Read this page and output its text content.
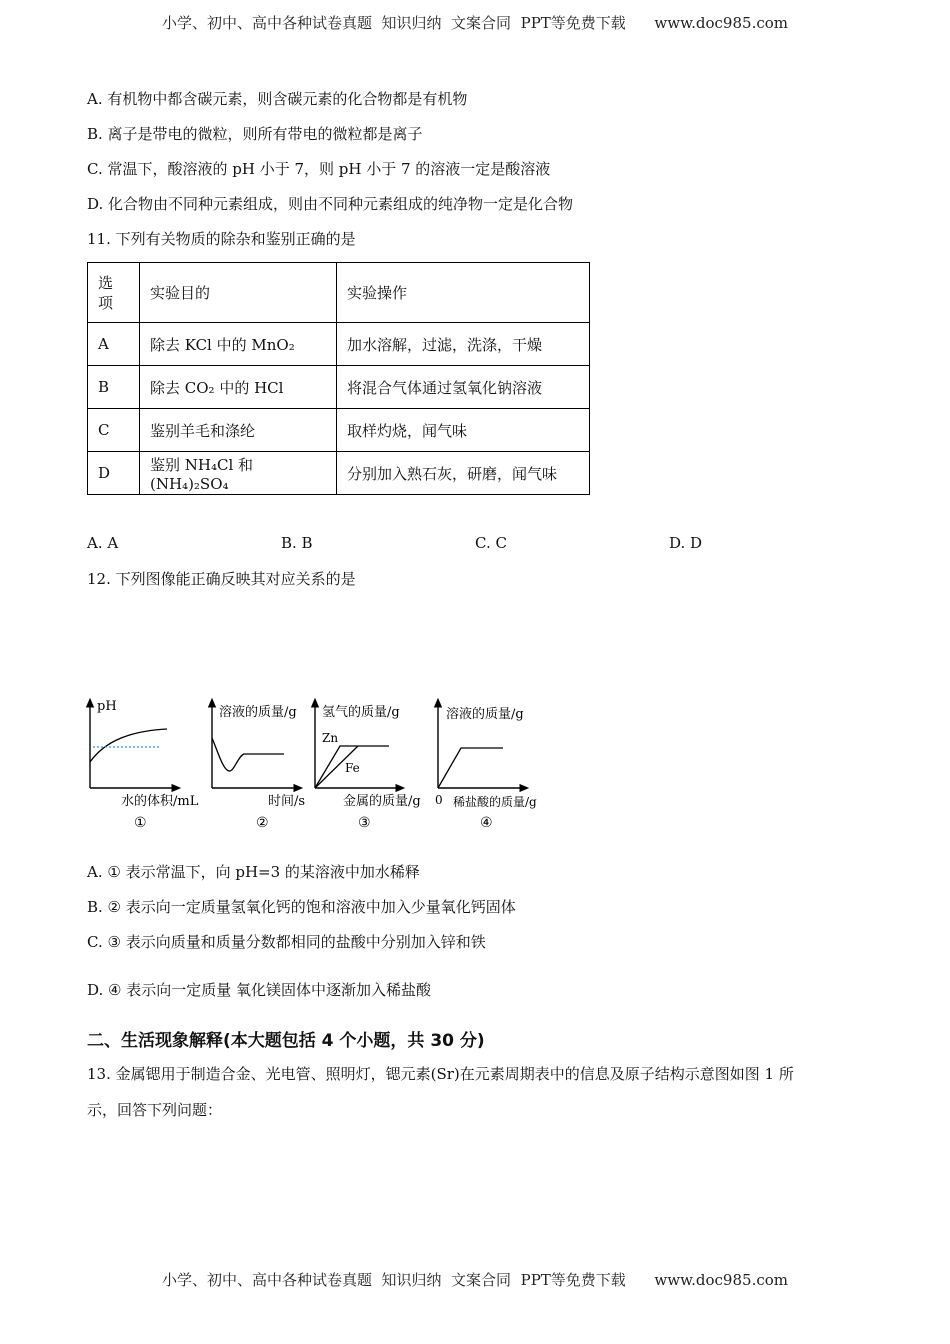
小学、初中、高中各种试卷真题  知识归纳  文案合同  PPT等免费下载      www.doc985.com
A. 有机物中都含碳元素，则含碳元素的化合物都是有机物
B. 离子是带电的微粒，则所有带电的微粒都是离子
C. 常温下，酸溶液的 pH 小于 7，则 pH 小于 7 的溶液一定是酸溶液
D. 化合物由不同种元素组成，则由不同种元素组成的纯净物一定是化合物
11. 下列有关物质的除杂和鉴别正确的是
选项	实验目的	实验操作
A	除去 KCl 中的 MnO₂	加水溶解，过滤，洗涤，干燥
B	除去 CO₂ 中的 HCl	将混合气体通过氢氧化钠溶液
C	鉴别羊毛和涤纶	取样灼烧，闻气味
D	鉴别 NH₄Cl 和(NH₄)₂SO₄	分别加入熟石灰，研磨，闻气味
A. A	B. B	C. C	D. D
12. 下列图像能正确反映其对应关系的是
pH
水的体积/mL
①
溶液的质量/g
时间/s
②
氢气的质量/g
Zn
Fe
金属的质量/g
③
溶液的质量/g
0 稀盐酸的质量/g
④
A. ① 表示常温下，向 pH=3 的某溶液中加水稀释
B. ② 表示向一定质量氢氧化钙的饱和溶液中加入少量氧化钙固体
C. ③ 表示向质量和质量分数都相同的盐酸中分别加入锌和铁
D. ④ 表示向一定质量 氧化镁固体中逐渐加入稀盐酸
二、生活现象解释(本大题包括 4 个小题，共 30 分)
13. 金属锶用于制造合金、光电管、照明灯，锶元素(Sr)在元素周期表中的信息及原子结构示意图如图 1 所
示，回答下列问题：
小学、初中、高中各种试卷真题  知识归纳  文案合同  PPT等免费下载      www.doc985.com
